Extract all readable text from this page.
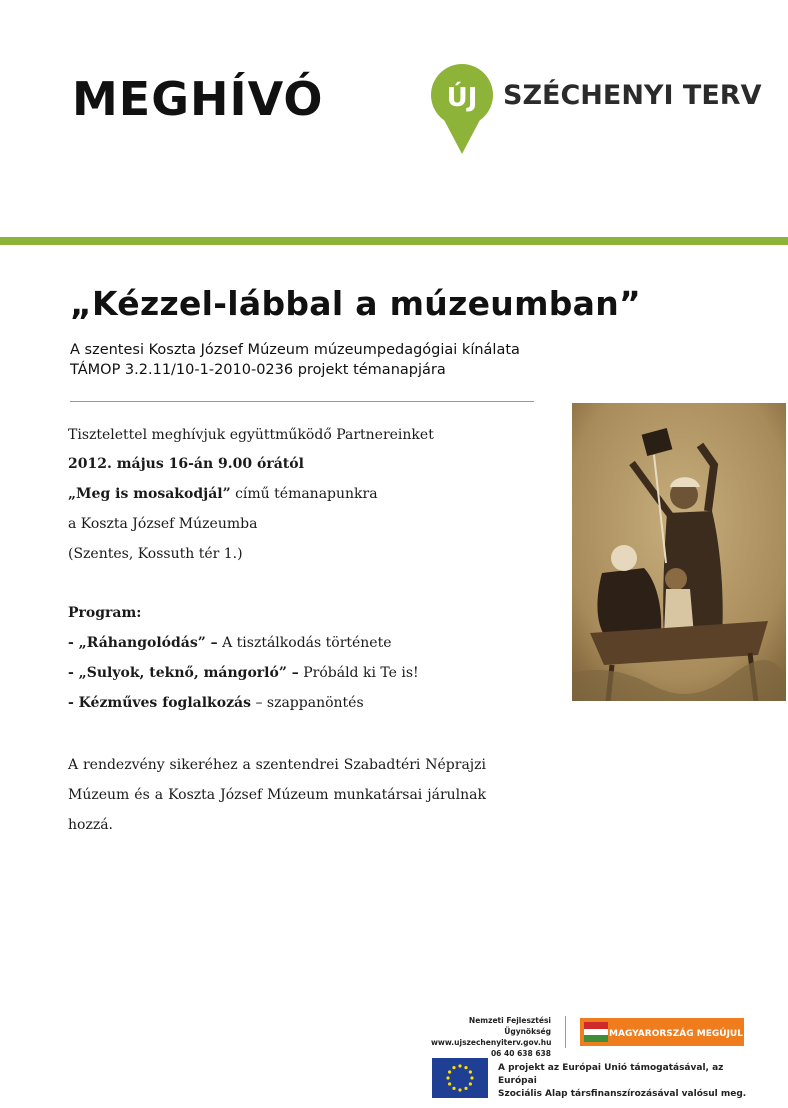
MEGHÍVÓ	ÚJ SZÉCHENYI TERV
„Kézzel-lábbal a múzeumban”
A szentesi Koszta József Múzeum múzeumpedagógiai kínálata
TÁMOP 3.2.11/10-1-2010-0236 projekt témanapjára
Tisztelettel meghívjuk együttműködő Partnereinket
2012. május 16-án 9.00 órától
„Meg is mosakodjál” című témanapunkra
a Koszta József Múzeumba
(Szentes, Kossuth tér 1.)
Program:
- „Ráhangolódás” – A tisztálkodás története
- „Sulyok, teknő, mángorló” – Próbáld ki Te is!
- Kézműves foglalkozás – szappanöntés
A rendezvény sikeréhez a szentendrei Szabadtéri Néprajzi Múzeum és a Koszta József Múzeum munkatársai járulnak hozzá.
Nemzeti Fejlesztési Ügynökség
www.ujszechenyiterv.gov.hu
06 40 638 638
MAGYARORSZÁG MEGÚJUL
A projekt az Európai Unió támogatásával, az Európai
Szociális Alap társfinanszírozásával valósul meg.
